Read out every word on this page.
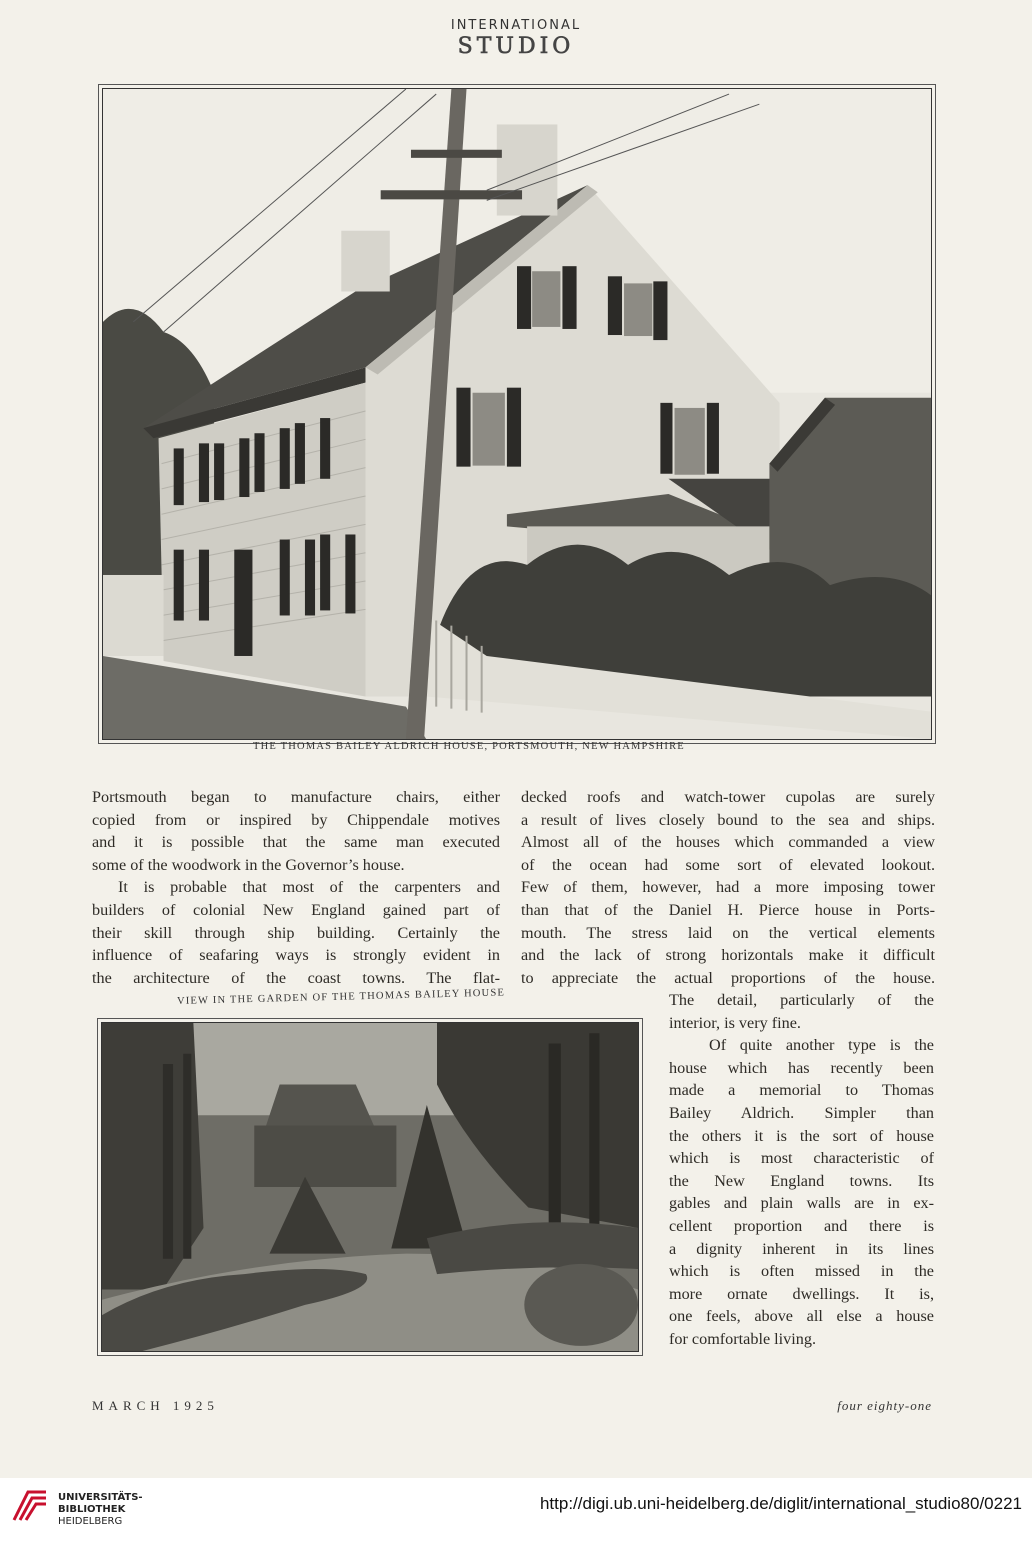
INTERNATIONAL
STUDIO
THE THOMAS BAILEY ALDRICH HOUSE, PORTSMOUTH, NEW HAMPSHIRE

Portsmouth began to manufacture chairs, either
copied from or inspired by Chippendale motives
and it is possible that the same man executed
some of the woodwork in the Governor’s house.

It is probable that most of the carpenters and
builders of colonial New England gained part of
their skill through ship building. Certainly the
influence of seafaring ways is strongly evident in
the architecture of the coast towns. The flat-

VIEW IN THE GARDEN OF THE THOMAS BAILEY HOUSE

decked roofs and watch-tower cupolas are surely
a result of lives closely bound to the sea and ships.
Almost all of the houses which commanded a view
of the ocean had some sort of elevated lookout.
Few of them, however, had a more imposing tower
than that of the Daniel H. Pierce house in Ports-
mouth. The stress laid on the vertical elements
and the lack of strong horizontals make it difficult
to appreciate the actual proportions of the house.

The detail, particularly of the
interior, is very fine.

Of quite another type is the
house which has recently been
made a memorial to Thomas
Bailey Aldrich. Simpler than
the others it is the sort of house
which is most characteristic of
the New England towns. Its
gables and plain walls are in ex-
cellent proportion and there is
a dignity inherent in its lines
which is often missed in the
more ornate dwellings. It is,
one feels, above all else a house
for comfortable living.

MARCH 1925	four eighty-one
UNIVERSITÄTS-
BIBLIOTHEK
HEIDELBERG
http://digi.ub.uni-heidelberg.de/diglit/international_studio80/0221
